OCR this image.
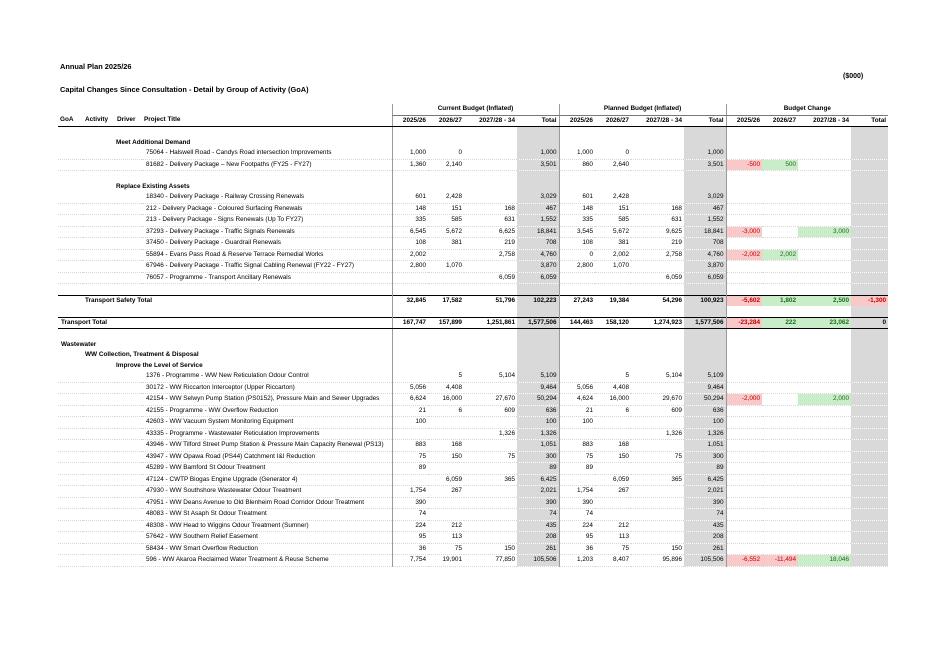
Annual Plan 2025/26
Capital Changes Since Consultation - Detail by Group of Activity (GoA)
($000)
				Current Budget (Inflated)				Planned Budget (Inflated)				Budget Change			
GoA	Activity	Driver	Project Title	2025/26	2026/27	2027/28 - 34	Total	2025/26	2026/27	2027/28 - 34	Total	2025/26	2026/27	2027/28 - 34	Total

Meet Additional Demand															
75064 - Halswell Road - Candys Road intersection Improvements				1,000	0		1,000	1,000	0		1,000				
81682 - Delivery Package – New Footpaths (FY25 - FY27)				1,360	2,140		3,501	860	2,640		3,501	-500	500		

Replace Existing Assets															
18340 - Delivery Package - Railway Crossing Renewals				601	2,428		3,029	601	2,428		3,029				
212 - Delivery Package - Coloured Surfacing Renewals				148	151	168	467	148	151	168	467				
213 - Delivery Package - Signs Renewals (Up To FY27)				335	585	631	1,552	335	585	631	1,552				
37293 - Delivery Package - Traffic Signals Renewals				6,545	5,672	6,625	18,841	3,545	5,672	9,625	18,841	-3,000		3,000	
37450 - Delivery Package - Guardrail Renewals				108	381	219	708	108	381	219	708				
55894 - Evans Pass Road & Reserve Terrace Remedial Works				2,002		2,758	4,760	0	2,002	2,758	4,760	-2,002	2,002		
67946 - Delivery Package - Traffic Signal Cabling Renewal (FY22 - FY27)				2,800	1,070		3,870	2,800	1,070		3,870				
76057 - Programme - Transport Ancillary Renewals						6,059	6,059			6,059	6,059				

Transport Safety Total				32,845	17,582	51,796	102,223	27,243	19,384	54,296	100,923	-5,602	1,802	2,500	-1,300

Transport Total				167,747	157,899	1,251,861	1,577,506	144,463	158,120	1,274,923	1,577,506	-23,284	222	23,062	0

Wastewater															
WW Collection, Treatment & Disposal															
Improve the Level of Service															
1376 - Programme - WW New Reticulation Odour Control					5	5,104	5,109		5	5,104	5,109				
30172 - WW Riccarton Interceptor (Upper Riccarton)				5,056	4,408		9,464	5,056	4,408		9,464				
42154 - WW Selwyn Pump Station (PS0152), Pressure Main and Sewer Upgrades				6,624	16,000	27,670	50,294	4,624	16,000	29,670	50,294	-2,000		2,000	
42155 - Programme - WW Overflow Reduction				21	6	609	636	21	6	609	636				
42603 - WW Vacuum System Monitoring Equipment				100			100	100			100				
43335 - Programme - Wastewater Reticulation Improvements						1,326	1,326			1,326	1,326				
43946 - WW Tilford Street Pump Station & Pressure Main Capacity Renewal (PS13)				883	168		1,051	883	168		1,051				
43947 - WW Opawa Road (PS44) Catchment I&I Reduction				75	150	75	300	75	150	75	300				
45289 - WW Bamford St Odour Treatment				89			89	89			89				
47124 - CWTP Biogas Engine Upgrade (Generator 4)					6,059	365	6,425		6,059	365	6,425				
47930 - WW Southshore Wastewater Odour Treatment				1,754	267		2,021	1,754	267		2,021				
47951 - WW Deans Avenue to Old Blenheim Road Corridor Odour Treatment				390			390	390			390				
48083 - WW St Asaph St Odour Treatment				74			74	74			74				
48308 - WW Head to Wiggins Odour Treatment (Sumner)				224	212		435	224	212		435				
57642 - WW Southern Relief Easement				95	113		208	95	113		208				
58434 - WW Smart Overflow Reduction				36	75	150	261	36	75	150	261				
596 - WW Akaroa Reclaimed Water Treatment & Reuse Scheme				7,754	19,901	77,850	105,506	1,203	8,407	95,896	105,506	-6,552	-11,494	18,046	
